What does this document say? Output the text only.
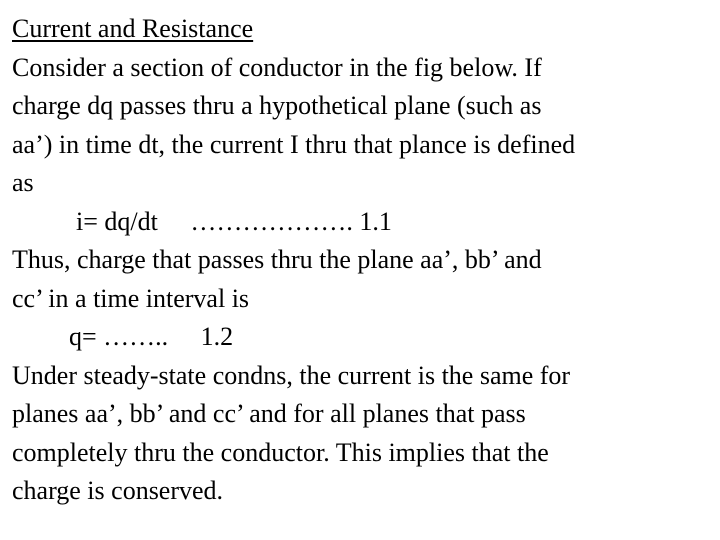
Current and Resistance
Consider a section of conductor in the fig below. If
charge dq passes thru a hypothetical plane (such as
aa’) in time dt, the current I thru that plance is defined
as
i= dq/dt     ………………. 1.1
Thus, charge that passes thru the plane aa’, bb’ and
cc’ in a time interval is
q= ……..     1.2
Under steady-state condns, the current is the same for
planes aa’, bb’ and cc’ and for all planes that pass
completely thru the conductor. This implies that the
charge is conserved.
